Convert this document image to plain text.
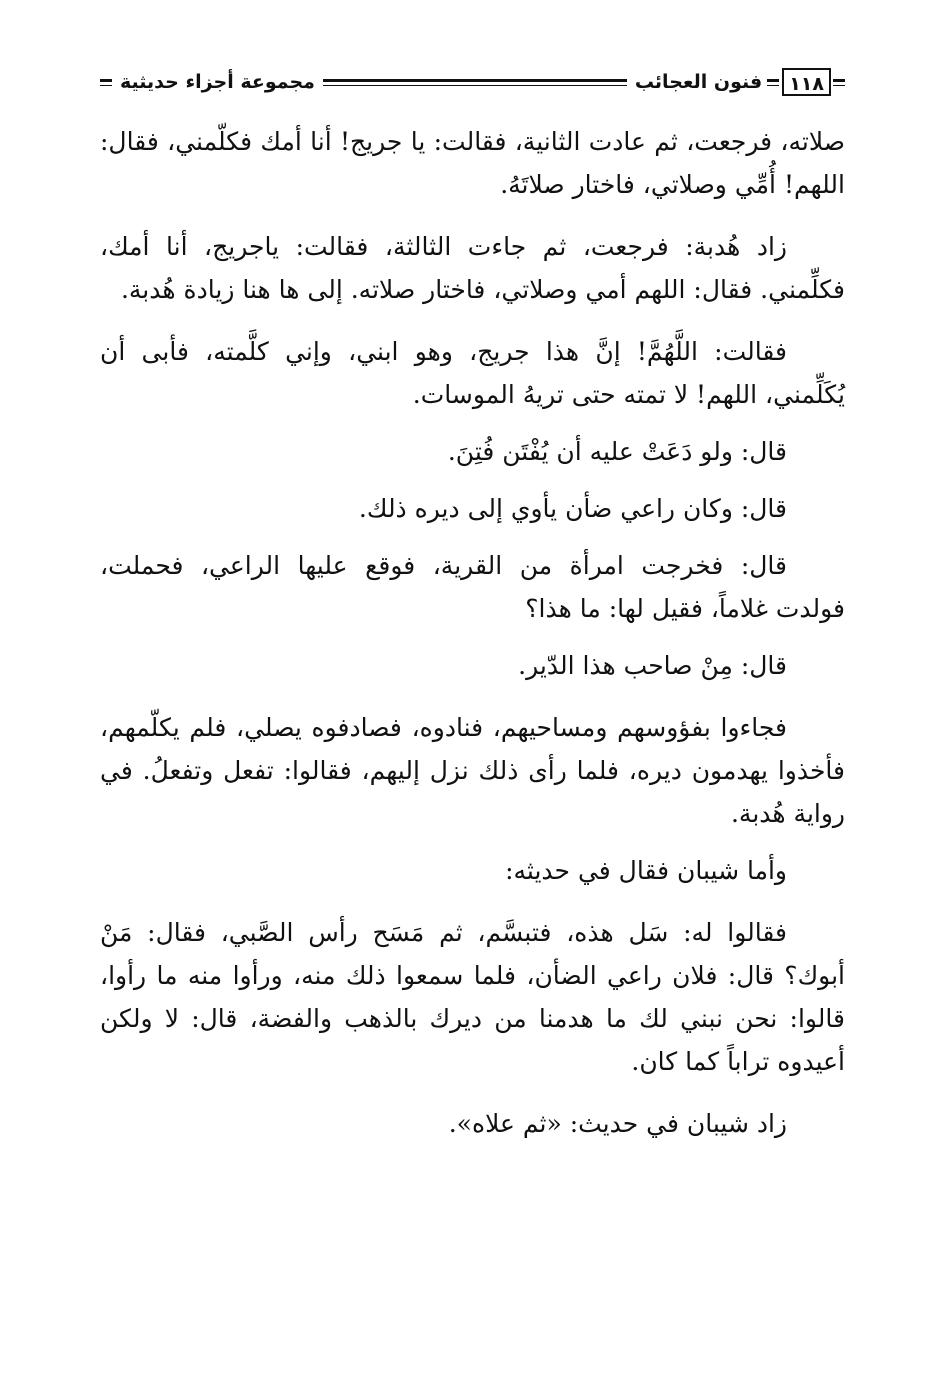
١١٨
فنون العجائب
مجموعة أجزاء حديثية

صلاته، فرجعت، ثم عادت الثانية، فقالت: يا جريج! أنا أمك فكلّمني، فقال: اللهم! أُمِّي وصلاتي، فاختار صلاتَهُ.

زاد هُدبة: فرجعت، ثم جاءت الثالثة، فقالت: ياجريج، أنا أمك، فكلِّمني. فقال: اللهم أمي وصلاتي، فاختار صلاته. إلى ها هنا زيادة هُدبة.

فقالت: اللَّهُمَّ! إنَّ هذا جريج، وهو ابني، وإني كلَّمته، فأبى أن يُكَلِّمني، اللهم! لا تمته حتى تريهُ الموسات.

قال: ولو دَعَتْ عليه أن يُفْتَن فُتِنَ.

قال: وكان راعي ضأن يأوي إلى ديره ذلك.

قال: فخرجت امرأة من القرية، فوقع عليها الراعي، فحملت، فولدت غلاماً، فقيل لها: ما هذا؟

قال: مِنْ صاحب هذا الدّير.

فجاءوا بفؤوسهم ومساحيهم، فنادوه، فصادفوه يصلي، فلم يكلّمهم، فأخذوا يهدمون ديره، فلما رأى ذلك نزل إليهم، فقالوا: تفعل وتفعلُ. في رواية هُدبة.

وأما شيبان فقال في حديثه:

فقالوا له: سَل هذه، فتبسَّم، ثم مَسَح رأس الصَّبي، فقال: مَنْ أبوك؟ قال: فلان راعي الضأن، فلما سمعوا ذلك منه، ورأوا منه ما رأوا، قالوا: نحن نبني لك ما هدمنا من ديرك بالذهب والفضة، قال: لا ولكن أعيدوه تراباً كما كان.

زاد شيبان في حديث: «ثم علاه».
